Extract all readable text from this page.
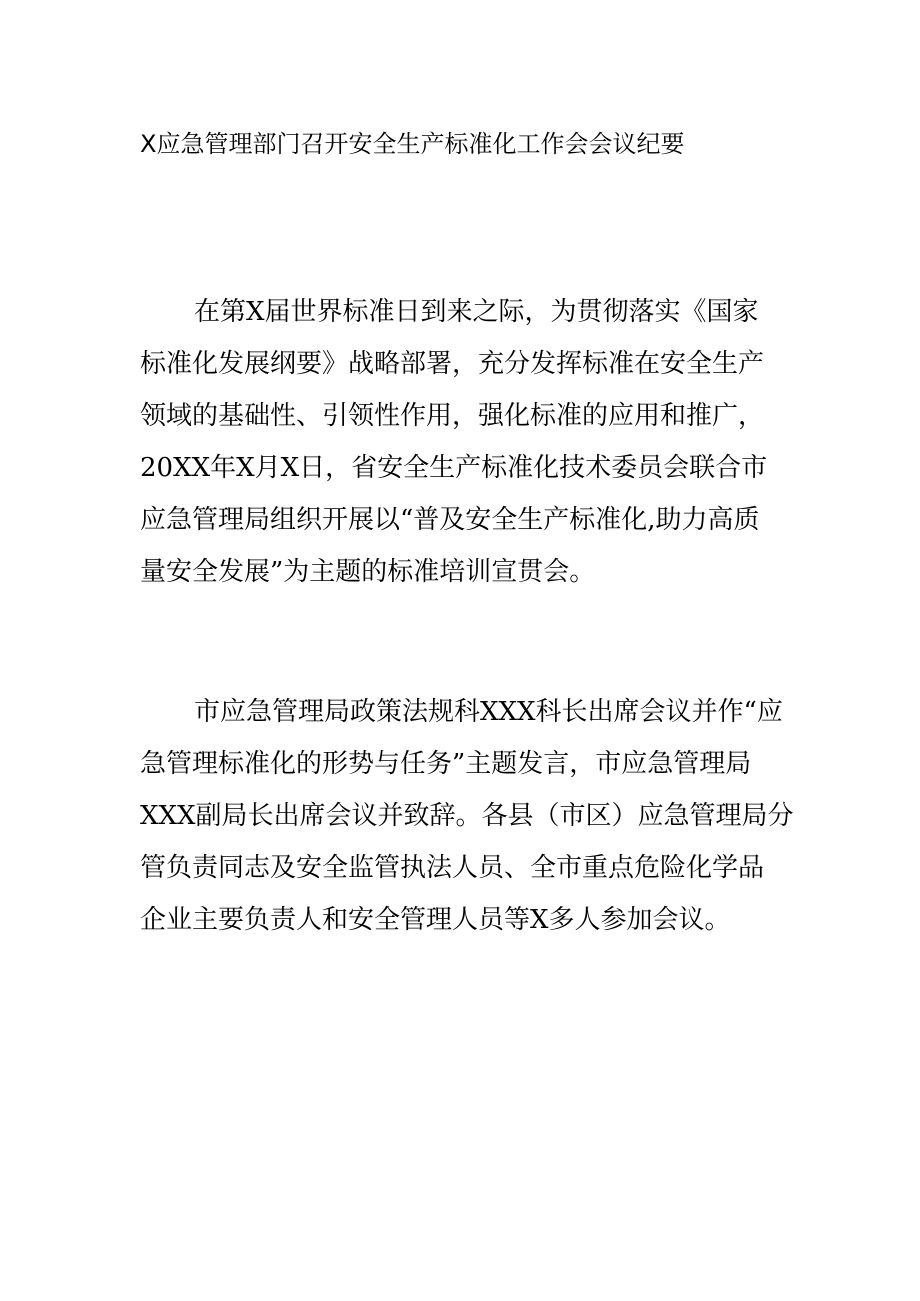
X应急管理部门召开安全生产标准化工作会会议纪要
在第X届世界标准日到来之际，为贯彻落实《国家
标准化发展纲要》战略部署，充分发挥标准在安全生产
领域的基础性、引领性作用，强化标准的应用和推广，
20XX年X月X日，省安全生产标准化技术委员会联合市
应急管理局组织开展以“普及安全生产标准化,助力高质
量安全发展”为主题的标准培训宣贯会。
市应急管理局政策法规科XXX科长出席会议并作“应
急管理标准化的形势与任务”主题发言，市应急管理局
XXX副局长出席会议并致辞。各县（市区）应急管理局分
管负责同志及安全监管执法人员、全市重点危险化学品
企业主要负责人和安全管理人员等X多人参加会议。
